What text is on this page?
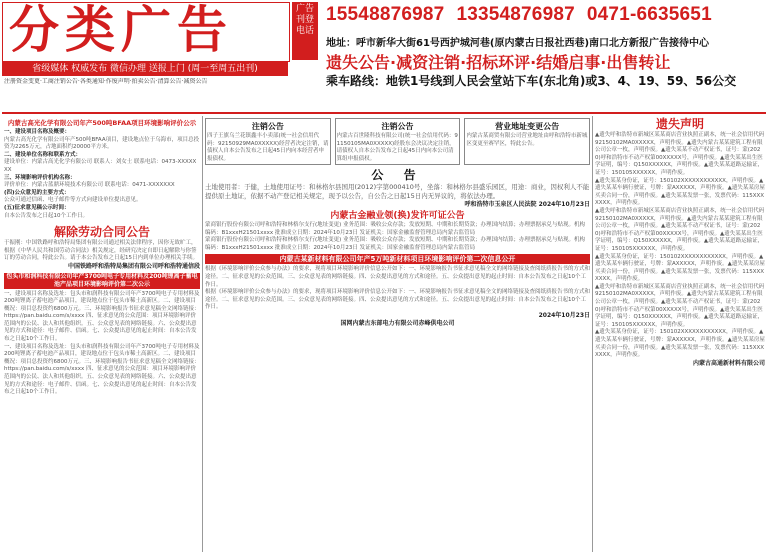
分类广告	广告刊登电话
省级媒体 权威发布 微信办理 送报上门 (周一至周五出刊)
注册资金变更·工商注销公告·各类通知·作废声明·拍卖公告·清算公告·减资公告
15548876987 13354876987 0471-6635651
地址：呼市新华大街61号西护城河巷(原内蒙古日报社西巷)南口北方新报广告接待中心
遗失公告·减资注销·招标环评·结婚启事·出售转让
乘车路线：地铁1号线到人民会堂站下车(东北角)或3、4、19、59、56公交
内蒙古高光化学有限公司年产500吨BFAA项目环境影响评价公示

一、建设项目名称及概要：

内蒙古高光化学有限公司年产500吨BFAA项目，建设地点位于乌海市，项目总投资为2265万元，占地面积约20000平方米。

二、建设单位名称和联系方式：

建设单位：内蒙古高光化学有限公司 联系人：刘女士 联系电话：0473-XXXXXXX

三、环境影响评价机构名称：

评价单位：内蒙古蓝鼎环境技术有限公司 联系电话：0471-XXXXXXX

(四)公众意见的主要方式：

公众可通过信函、电子邮件等方式向建设单位提出意见。

(五)征求意见稿公示时间：

自本公告发布之日起10个工作日。

解除劳动合同公告

于振刚：中国铁路呼和浩特局集团有限公司通过相关法律程序，因你无故旷工，根据《中华人民共和国劳动合同法》相关规定，经研究决定自即日起解除与你签订的劳动合同，特此公告。请于本公告发布之日起15日内到单位办理相关手续。

中国铁路呼和浩特局集团有限公司呼和浩特通信段

包头市和润科技有限公司年产3700吨电子专用材料及200吨锂离子蓄电池产品项目环境影响评价第二次公示

一、建设项目名称及选址：包头市和润科技有限公司年产3700吨电子专用材料及200吨锂离子蓄电池产品项目，建设地点位于包头市稀土高新区。二、建设项目概况：项目总投资约6800万元。三、环境影响报告书征求意见稿全文网络链接：https://pan.baidu.com/s/xxxx 四、征求意见的公众范围：项目环境影响评价范围内的公民、法人和其他组织。五、公众意见表的网络链接。六、公众提出意见的方式和途径：电子邮件、信函。七、公众提出意见的起止时间：自本公告发布之日起10个工作日。

一、建设项目名称及选址：包头市和润科技有限公司年产3700吨电子专用材料及200吨锂离子蓄电池产品项目，建设地点位于包头市稀土高新区。二、建设项目概况：项目总投资约6800万元。三、环境影响报告书征求意见稿全文网络链接：https://pan.baidu.com/s/xxxx 四、征求意见的公众范围：项目环境影响评价范围内的公民、法人和其他组织。五、公众意见表的网络链接。六、公众提出意见的方式和途径：电子邮件、信函。七、公众提出意见的起止时间：自本公告发布之日起10个工作日。

注销公告

四子王旗乌兰花镇鑫丰小卖部(统一社会信用代码：92150929MA0XXXXX)经营者决定注销，请债权人自本公告发布之日起45日内向本经营者申报债权。

注销公告

内蒙古百世隆科技有限公司(统一社会信用代码：91150105MA0XXXXX)经股东会决议决定注销，请债权人自本公告发布之日起45日内向本公司清算组申报债权。

营业地址变更公告

内蒙古某商贸有限公司营业地址由呼和浩特市新城区变更至赛罕区，特此公告。

公 告

土地使用者：于健，土地使用证号：和林格尔县国用(2012)字第000410号，坐落：和林格尔县盛乐园区，用途：商业，因权利人不能提供原土地证，依据不动产登记相关规定，现予以公告，自公告之日起15日内无异议的，将依法办理。

呼和浩特市玉泉区人民法院 2024年10月23日

内蒙古金融业领(换)发许可证公告

蒙商银行股份有限公司呼和浩特和林格尔支行(地址变更) 业务范围：吸收公众存款；发放短期、中期和长期贷款；办理国内结算；办理票据承兑与贴现。机构编码：B1xxxH21501xxxx 批准成立日期：2024年10月23日 发证机关：国家金融监督管理总局内蒙古监管局

蒙商银行股份有限公司呼和浩特和林格尔支行(地址变更) 业务范围：吸收公众存款；发放短期、中期和长期贷款；办理国内结算；办理票据承兑与贴现。机构编码：B1xxxH21501xxxx 批准成立日期：2024年10月23日 发证机关：国家金融监督管理总局内蒙古监管局

内蒙古某新材料有限公司年产5万吨新材料项目环境影响评价第二次信息公开

根据《环境影响评价公众参与办法》的要求，现将项目环境影响评价信息公开如下：一、环境影响报告书征求意见稿全文的网络链接及查阅纸质报告书的方式和途径。二、征求意见的公众范围。三、公众意见表的网络链接。四、公众提出意见的方式和途径。五、公众提出意见的起止时间：自本公告发布之日起10个工作日。

根据《环境影响评价公众参与办法》的要求，现将项目环境影响评价信息公开如下：一、环境影响报告书征求意见稿全文的网络链接及查阅纸质报告书的方式和途径。二、征求意见的公众范围。三、公众意见表的网络链接。四、公众提出意见的方式和途径。五、公众提出意见的起止时间：自本公告发布之日起10个工作日。

2024年10月23日

国网内蒙古东部电力有限公司赤峰供电公司

遗失声明

▲遗失呼和浩特市新城区某某商店营业执照正副本，统一社会信用代码92150102MA0XXXXX，声明作废。▲遗失内蒙古某某建筑工程有限公司公章一枚，声明作废。▲遗失某某不动产权证书，证号：蒙(2020)呼和浩特市不动产权第00XXXXX号，声明作废。▲遗失某某出生医学证明，编号：Q150XXXXXX，声明作废。▲遗失某某道路运输证，证号：150105XXXXXX，声明作废。

▲遗失某某身份证，证号：150102XXXXXXXXXXXX，声明作废。▲遗失某某车辆行驶证，号牌：蒙AXXXXX，声明作废。▲遗失某某房屋买卖合同一份，声明作废。▲遗失某某发票一张，发票代码：115XXXXXXX，声明作废。

▲遗失呼和浩特市新城区某某商店营业执照正副本，统一社会信用代码92150102MA0XXXXX，声明作废。▲遗失内蒙古某某建筑工程有限公司公章一枚，声明作废。▲遗失某某不动产权证书，证号：蒙(2020)呼和浩特市不动产权第00XXXXX号，声明作废。▲遗失某某出生医学证明，编号：Q150XXXXXX，声明作废。▲遗失某某道路运输证，证号：150105XXXXXX，声明作废。

▲遗失某某身份证，证号：150102XXXXXXXXXXXX，声明作废。▲遗失某某车辆行驶证，号牌：蒙AXXXXX，声明作废。▲遗失某某房屋买卖合同一份，声明作废。▲遗失某某发票一张，发票代码：115XXXXXXX，声明作废。

▲遗失呼和浩特市新城区某某商店营业执照正副本，统一社会信用代码92150102MA0XXXXX，声明作废。▲遗失内蒙古某某建筑工程有限公司公章一枚，声明作废。▲遗失某某不动产权证书，证号：蒙(2020)呼和浩特市不动产权第00XXXXX号，声明作废。▲遗失某某出生医学证明，编号：Q150XXXXXX，声明作废。▲遗失某某道路运输证，证号：150105XXXXXX，声明作废。

▲遗失某某身份证，证号：150102XXXXXXXXXXXX，声明作废。▲遗失某某车辆行驶证，号牌：蒙AXXXXX，声明作废。▲遗失某某房屋买卖合同一份，声明作废。▲遗失某某发票一张，发票代码：115XXXXXXX，声明作废。

内蒙古高通新材料有限公司
